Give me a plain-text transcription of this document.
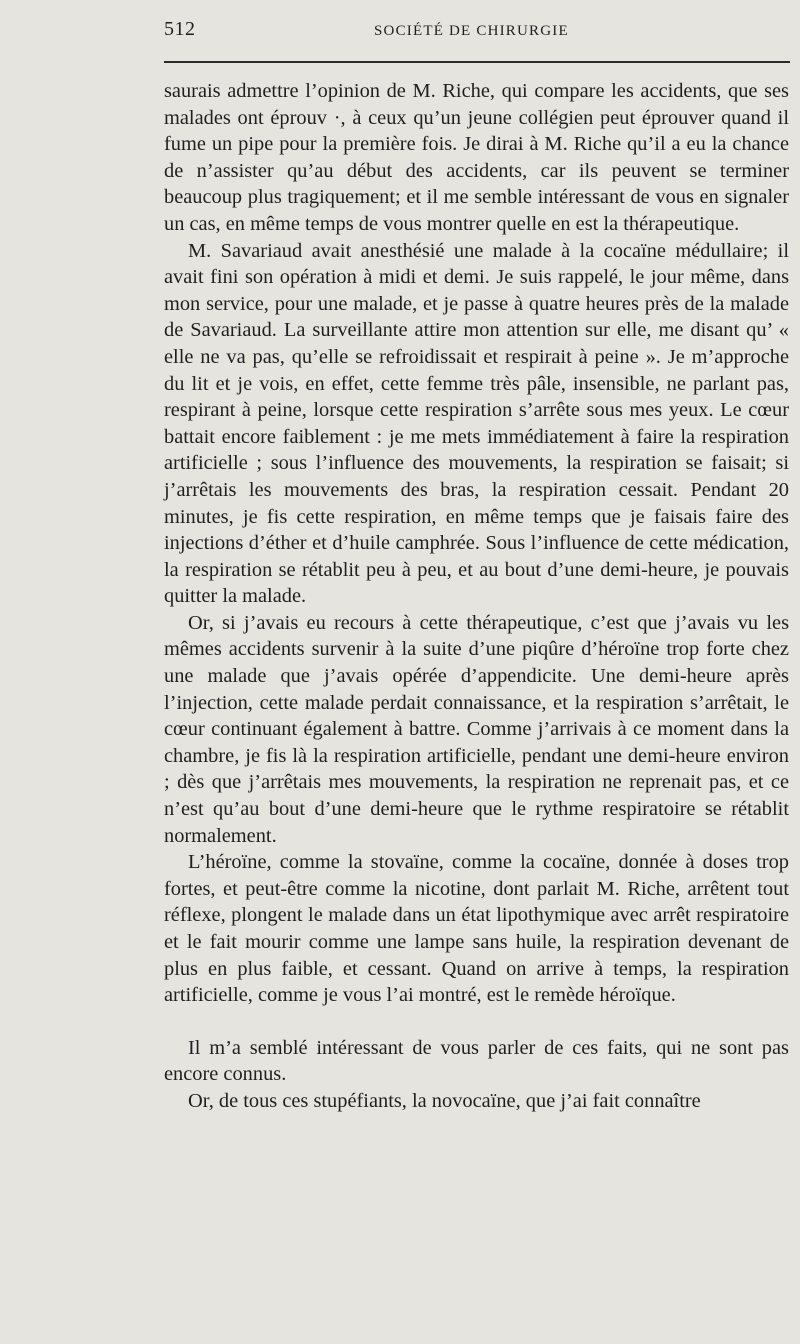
512	SOCIÉTÉ DE CHIRURGIE

saurais admettre l’opinion de M. Riche, qui compare les accidents, que ses malades ont éprouv ·, à ceux qu’un jeune collégien peut éprouver quand il fume un pipe pour la première fois. Je dirai à M. Riche qu’il a eu la chance de n’assister qu’au début des accidents, car ils peuvent se terminer beaucoup plus tragiquement; et il me semble intéressant de vous en signaler un cas, en même temps de vous montrer quelle en est la thérapeutique.

M. Savariaud avait anesthésié une malade à la cocaïne médullaire; il avait fini son opération à midi et demi. Je suis rappelé, le jour même, dans mon service, pour une malade, et je passe à quatre heures près de la malade de Savariaud. La surveillante attire mon attention sur elle, me disant qu’ « elle ne va pas, qu’elle se refroidissait et respirait à peine ». Je m’approche du lit et je vois, en effet, cette femme très pâle, insensible, ne parlant pas, respirant à peine, lorsque cette respiration s’arrête sous mes yeux. Le cœur battait encore faiblement : je me mets immédiatement à faire la respiration artificielle ; sous l’influence des mouvements, la respiration se faisait; si j’arrêtais les mouvements des bras, la respiration cessait. Pendant 20 minutes, je fis cette respiration, en même temps que je faisais faire des injections d’éther et d’huile camphrée. Sous l’influence de cette médication, la respiration se rétablit peu à peu, et au bout d’une demi-heure, je pouvais quitter la malade.

Or, si j’avais eu recours à cette thérapeutique, c’est que j’avais vu les mêmes accidents survenir à la suite d’une piqûre d’héroïne trop forte chez une malade que j’avais opérée d’appendicite. Une demi-heure après l’injection, cette malade perdait connaissance, et la respiration s’arrêtait, le cœur continuant également à battre. Comme j’arrivais à ce moment dans la chambre, je fis là la respiration artificielle, pendant une demi-heure environ ; dès que j’arrêtais mes mouvements, la respiration ne reprenait pas, et ce n’est qu’au bout d’une demi-heure que le rythme respiratoire se rétablit normalement.

L’héroïne, comme la stovaïne, comme la cocaïne, donnée à doses trop fortes, et peut-être comme la nicotine, dont parlait M. Riche, arrêtent tout réflexe, plongent le malade dans un état lipothymique avec arrêt respiratoire et le fait mourir comme une lampe sans huile, la respiration devenant de plus en plus faible, et cessant. Quand on arrive à temps, la respiration artificielle, comme je vous l’ai montré, est le remède héroïque.

Il m’a semblé intéressant de vous parler de ces faits, qui ne sont pas encore connus.

Or, de tous ces stupéfiants, la novocaïne, que j’ai fait connaître
